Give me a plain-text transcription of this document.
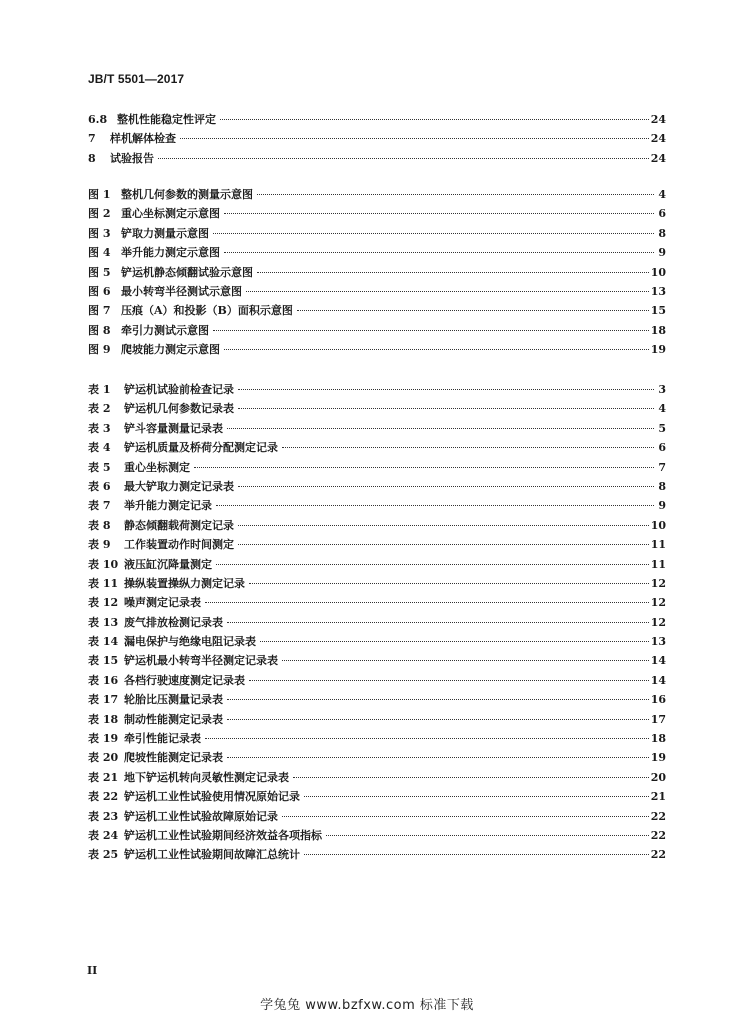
JB/T 5501—2017
6.8 整机性能稳定性评定	24
7	样机解体检查	24
8	试验报告	24
图 1 整机几何参数的测量示意图	4
图 2 重心坐标测定示意图	6
图 3 铲取力测量示意图	8
图 4 举升能力测定示意图	9
图 5 铲运机静态倾翻试验示意图	10
图 6 最小转弯半径测试示意图	13
图 7 压痕（A）和投影（B）面积示意图	15
图 8 牵引力测试示意图	18
图 9 爬坡能力测定示意图	19
表 1	铲运机试验前检查记录	3
表 2	铲运机几何参数记录表	4
表 3	铲斗容量测量记录表	5
表 4	铲运机质量及桥荷分配测定记录	6
表 5	重心坐标测定	7
表 6	最大铲取力测定记录表	8
表 7	举升能力测定记录	9
表 8	静态倾翻载荷测定记录	10
表 9	工作装置动作时间测定	11
表 10 液压缸沉降量测定	11
表 11 操纵装置操纵力测定记录	12
表 12 噪声测定记录表	12
表 13 废气排放检测记录表	12
表 14 漏电保护与绝缘电阻记录表	13
表 15 铲运机最小转弯半径测定记录表	14
表 16 各档行驶速度测定记录表	14
表 17 轮胎比压测量记录表	16
表 18 制动性能测定记录表	17
表 19 牵引性能记录表	18
表 20 爬坡性能测定记录表	19
表 21 地下铲运机转向灵敏性测定记录表	20
表 22 铲运机工业性试验使用情况原始记录	21
表 23 铲运机工业性试验故障原始记录	22
表 24 铲运机工业性试验期间经济效益各项指标	22
表 25 铲运机工业性试验期间故障汇总统计	22
II
学兔兔 www.bzfxw.com 标准下载
